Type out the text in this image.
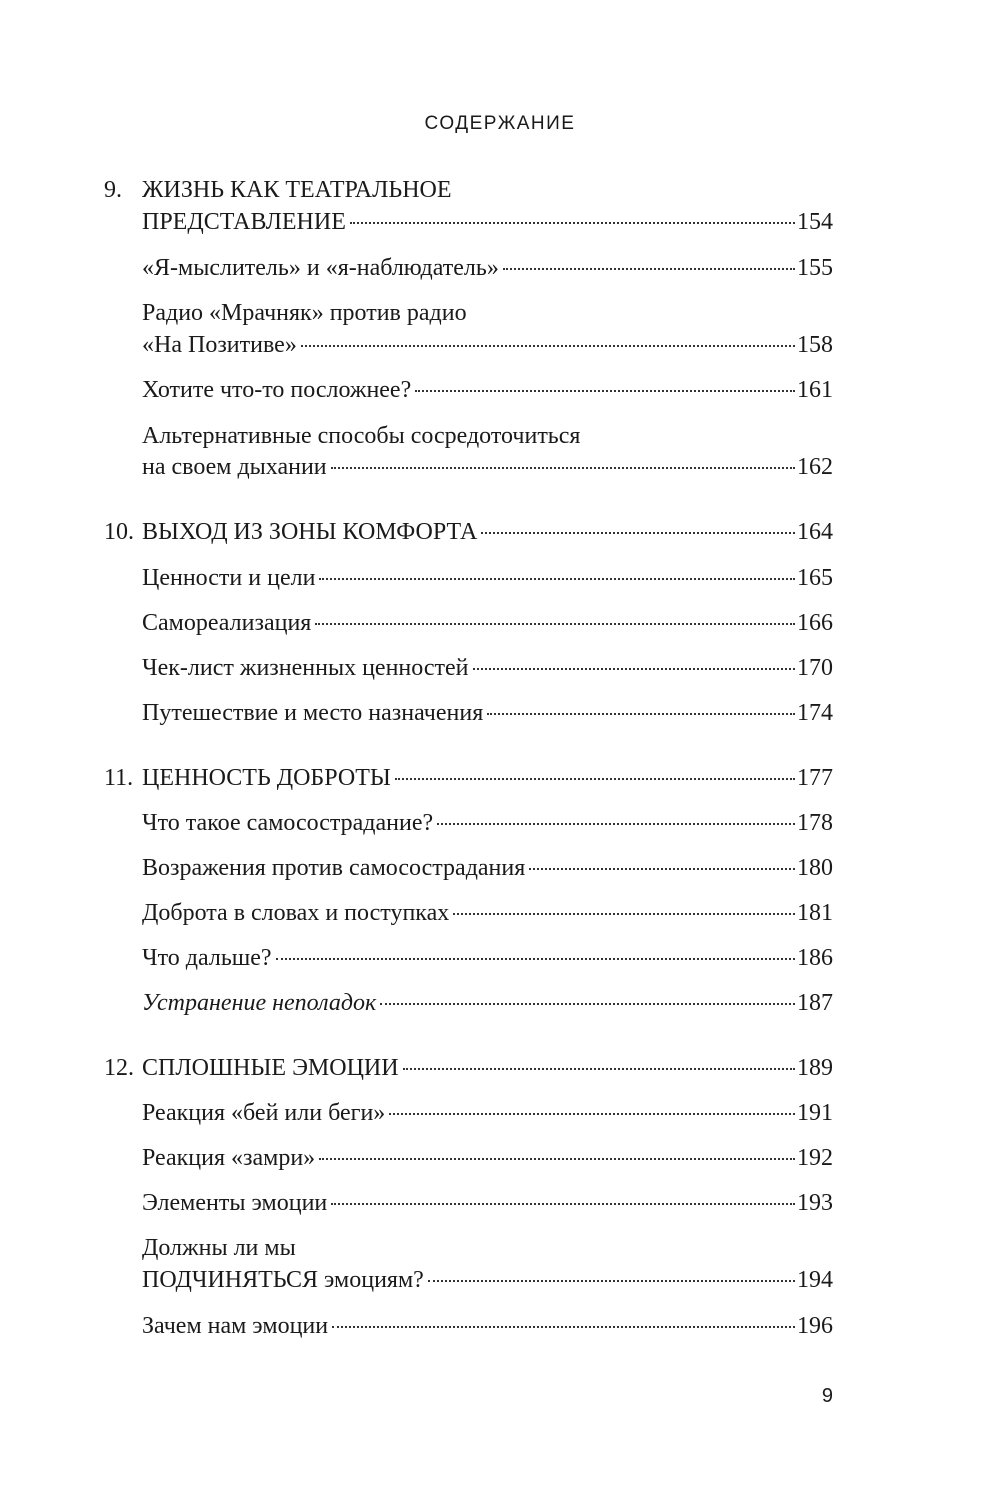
СОДЕРЖАНИЕ
9. ЖИЗНЬ КАК ТЕАТРАЛЬНОЕ
ПРЕДСТАВЛЕНИЕ	154
«Я-мыслитель» и «я-наблюдатель»	155
Радио «Мрачняк» против радио
«На Позитиве»	158
Хотите что-то посложнее?	161
Альтернативные способы сосредоточиться
на своем дыхании	162
10. ВЫХОД ИЗ ЗОНЫ КОМФОРТА	164
Ценности и цели	165
Самореализация	166
Чек-лист жизненных ценностей	170
Путешествие и место назначения	174
11. ЦЕННОСТЬ ДОБРОТЫ	177
Что такое самосострадание?	178
Возражения против самосострадания	180
Доброта в словах и поступках	181
Что дальше?	186
Устранение неполадок	187
12. СПЛОШНЫЕ ЭМОЦИИ	189
Реакция «бей или беги»	191
Реакция «замри»	192
Элементы эмоции	193
Должны ли мы
ПОДЧИНЯТЬСЯ эмоциям?	194
Зачем нам эмоции	196
9
